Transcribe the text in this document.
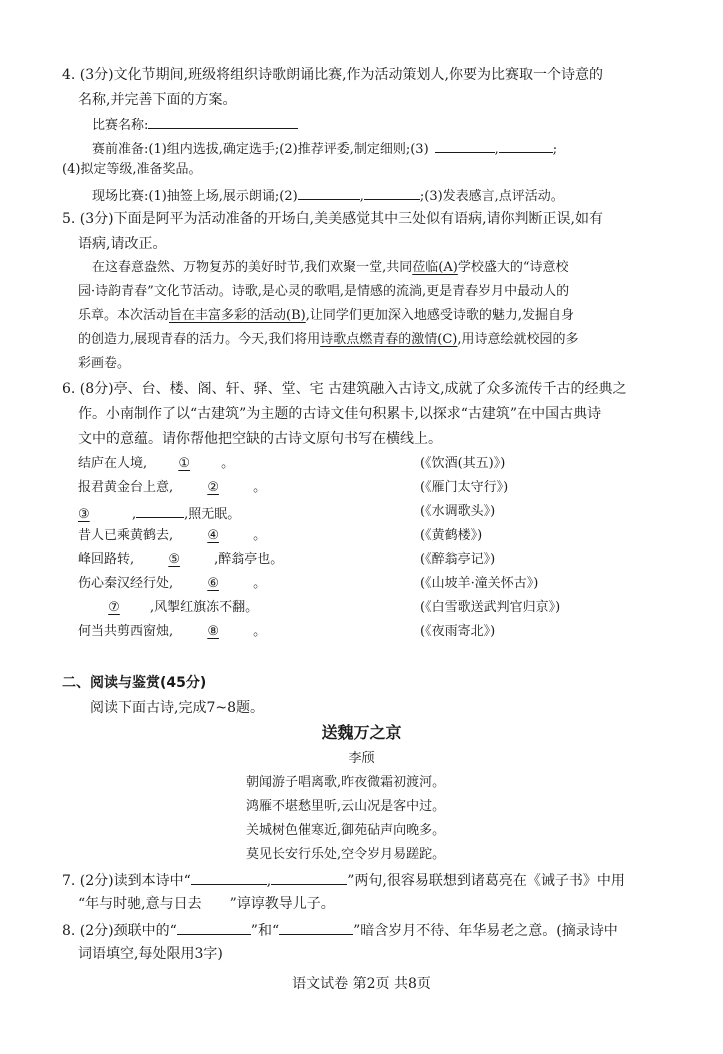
4. (3分)文化节期间,班级将组织诗歌朗诵比赛,作为活动策划人,你要为比赛取一个诗意的
名称,并完善下面的方案。
比赛名称:
赛前准备:(1)组内选拔,确定选手;(2)推荐评委,制定细则;(3)	,	;
(4)拟定等级,准备奖品。
现场比赛:(1)抽签上场,展示朗诵;(2)	,	;(3)发表感言,点评活动。
5. (3分)下面是阿平为活动准备的开场白,美美感觉其中三处似有语病,请你判断正误,如有
语病,请改正。
在这春意盎然、万物复苏的美好时节,我们欢聚一堂,共同莅临(A)学校盛大的“诗意校
园·诗韵青春”文化节活动。诗歌,是心灵的歌唱,是情感的流淌,更是青春岁月中最动人的
乐章。本次活动旨在丰富多彩的活动(B),让同学们更加深入地感受诗歌的魅力,发掘自身
的创造力,展现青春的活力。今天,我们将用诗歌点燃青春的激情(C),用诗意绘就校园的多
彩画卷。
6. (8分)亭、台、楼、阁、轩、驿、堂、宅 古建筑融入古诗文,成就了众多流传千古的经典之
作。小南制作了以“古建筑”为主题的古诗文佳句积累卡,以探求“古建筑”在中国古典诗
文中的意蕴。请你帮他把空缺的古诗文原句书写在横线上。
结庐在人境, ① 。	(《饮酒(其五)》)
报君黄金台上意,	②	。	(《雁门太守行》)
③	,	,照无眠。	(《水调歌头》)
昔人已乘黄鹤去,	④	。	(《黄鹤楼》)
峰回路转,	⑤	,醉翁亭也。	(《醉翁亭记》)
伤心秦汉经行处,	⑥	。	(《山坡羊·潼关怀古》)
⑦ ,风掣红旗冻不翻。	(《白雪歌送武判官归京》)
何当共剪西窗烛,	⑧	。	(《夜雨寄北》)
二、阅读与鉴赏(45分)
阅读下面古诗,完成7~8题。
送魏万之京
李颀
朝闻游子唱离歌,昨夜微霜初渡河。
鸿雁不堪愁里听,云山况是客中过。
关城树色催寒近,御苑砧声向晚多。
莫见长安行乐处,空令岁月易蹉跎。
7. (2分)读到本诗中“	,	”两句,很容易联想到诸葛亮在《诫子书》中用
“年与时驰,意与日去 ”谆谆教导儿子。
8. (2分)颈联中的“	”和“	”暗含岁月不待、年华易老之意。(摘录诗中
词语填空,每处限用3字)
语文试卷 第2页 共8页
